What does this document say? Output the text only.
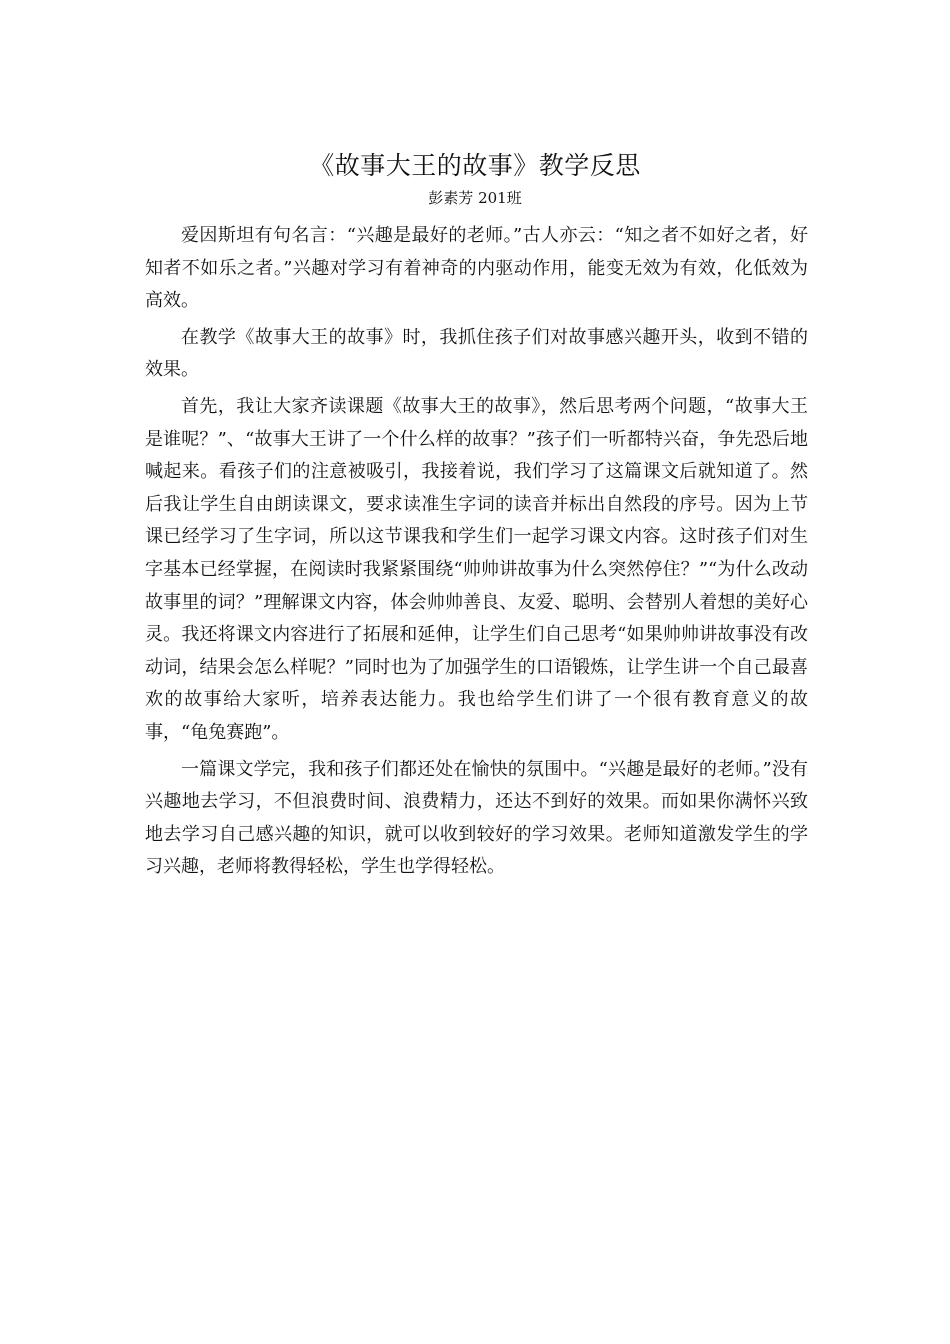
《故事大王的故事》教学反思
彭素芳 201班

爱因斯坦有句名言：“兴趣是最好的老师。”古人亦云：“知之者不如好之者，好知者不如乐之者。”兴趣对学习有着神奇的内驱动作用，能变无效为有效，化低效为高效。

在教学《故事大王的故事》时，我抓住孩子们对故事感兴趣开头，收到不错的效果。

首先，我让大家齐读课题《故事大王的故事》，然后思考两个问题，“故事大王是谁呢？”、“故事大王讲了一个什么样的故事？”孩子们一听都特兴奋，争先恐后地喊起来。看孩子们的注意被吸引，我接着说，我们学习了这篇课文后就知道了。然后我让学生自由朗读课文，要求读准生字词的读音并标出自然段的序号。因为上节课已经学习了生字词，所以这节课我和学生们一起学习课文内容。这时孩子们对生字基本已经掌握，在阅读时我紧紧围绕“帅帅讲故事为什么突然停住？”“为什么改动故事里的词？”理解课文内容，体会帅帅善良、友爱、聪明、会替别人着想的美好心灵。我还将课文内容进行了拓展和延伸，让学生们自己思考“如果帅帅讲故事没有改动词，结果会怎么样呢？”同时也为了加强学生的口语锻炼，让学生讲一个自己最喜欢的故事给大家听，培养表达能力。我也给学生们讲了一个很有教育意义的故事，“龟兔赛跑”。

一篇课文学完，我和孩子们都还处在愉快的氛围中。“兴趣是最好的老师。”没有兴趣地去学习，不但浪费时间、浪费精力，还达不到好的效果。而如果你满怀兴致地去学习自己感兴趣的知识，就可以收到较好的学习效果。老师知道激发学生的学习兴趣，老师将教得轻松，学生也学得轻松。
